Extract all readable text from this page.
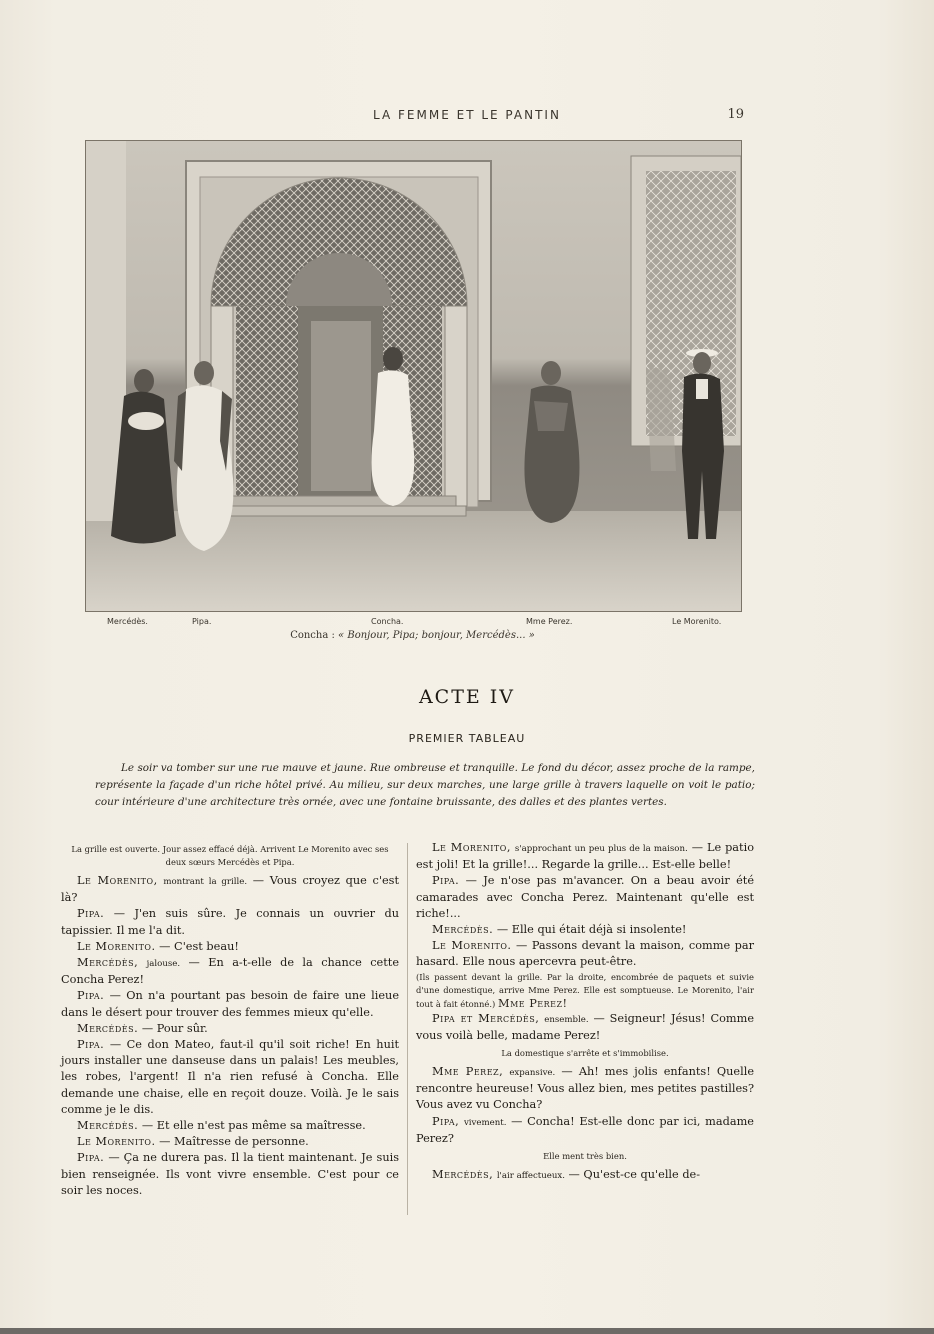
LA FEMME ET LE PANTIN	19
Mercédès.	Pipa.	Concha.	Mme Perez.	Le Morenito.
Concha : « Bonjour, Pipa; bonjour, Mercédès... »
ACTE IV
PREMIER TABLEAU
Le soir va tomber sur une rue mauve et jaune. Rue ombreuse et tranquille. Le fond du décor, assez proche de la rampe, représente la façade d'un riche hôtel privé. Au milieu, sur deux marches, une large grille à travers laquelle on voit le patio; cour intérieure d'une architecture très ornée, avec une fontaine bruissante, des dalles et des plantes vertes.

La grille est ouverte. Jour assez effacé déjà. Arrivent Le Morenito avec ses deux sœurs Mercédès et Pipa.

Le Morenito, montrant la grille. — Vous croyez que c'est là?

Pipa. — J'en suis sûre. Je connais un ouvrier du tapissier. Il me l'a dit.

Le Morenito. — C'est beau!

Mercédès, jalouse. — En a-t-elle de la chance cette Concha Perez!

Pipa. — On n'a pourtant pas besoin de faire une lieue dans le désert pour trouver des femmes mieux qu'elle.

Mercédès. — Pour sûr.

Pipa. — Ce don Mateo, faut-il qu'il soit riche! En huit jours installer une danseuse dans un palais! Les meubles, les robes, l'argent! Il n'a rien refusé à Concha. Elle demande une chaise, elle en reçoit douze. Voilà. Je le sais comme je le dis.

Mercédès. — Et elle n'est pas même sa maîtresse.

Le Morenito. — Maîtresse de personne.

Pipa. — Ça ne durera pas. Il la tient maintenant. Je suis bien renseignée. Ils vont vivre ensemble. C'est pour ce soir les noces.

Le Morenito, s'approchant un peu plus de la maison. — Le patio est joli! Et la grille!... Regarde la grille... Est-elle belle!

Pipa. — Je n'ose pas m'avancer. On a beau avoir été camarades avec Concha Perez. Maintenant qu'elle est riche!...

Mercédès. — Elle qui était déjà si insolente!

Le Morenito. — Passons devant la maison, comme par hasard. Elle nous apercevra peut-être.

(Ils passent devant la grille. Par la droite, encombrée de paquets et suivie d'une domestique, arrive Mme Perez. Elle est somptueuse. Le Morenito, l'air tout à fait étonné.) Mme Perez!

Pipa et Mercédès, ensemble. — Seigneur! Jésus! Comme vous voilà belle, madame Perez!

La domestique s'arrête et s'immobilise.

Mme Perez, expansive. — Ah! mes jolis enfants! Quelle rencontre heureuse! Vous allez bien, mes petites pastilles? Vous avez vu Concha?

Pipa, vivement. — Concha! Est-elle donc par ici, madame Perez?

Elle ment très bien.

Mercédès, l'air affectueux. — Qu'est-ce qu'elle de-
